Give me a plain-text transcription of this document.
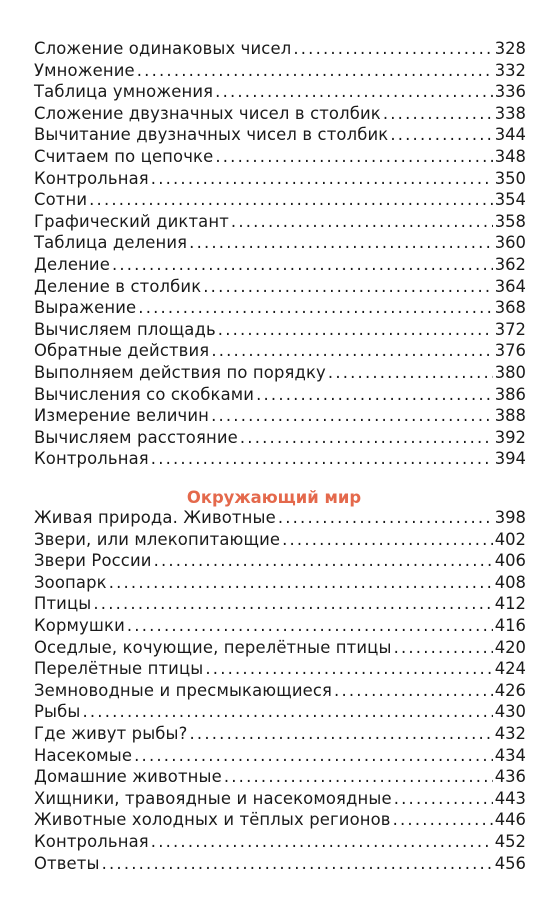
Сложение одинаковых чисел .....	328
Умножение .....	332
Таблица умножения .....	336
Сложение двузначных чисел в столбик .....	338
Вычитание двузначных чисел в столбик .....	344
Считаем по цепочке .....	348
Контрольная .....	350
Сотни .....	354
Графический диктант .....	358
Таблица деления .....	360
Деление .....	362
Деление в столбик .....	364
Выражение .....	368
Вычисляем площадь .....	372
Обратные действия .....	376
Выполняем действия по порядку .....	380
Вычисления со скобками .....	386
Измерение величин .....	388
Вычисляем расстояние .....	392
Контрольная .....	394
Окружающий мир
Живая природа. Животные .....	398
Звери, или млекопитающие .....	402
Звери России .....	406
Зоопарк .....	408
Птицы .....	412
Кормушки .....	416
Оседлые, кочующие, перелётные птицы .....	420
Перелётные птицы .....	424
Земноводные и пресмыкающиеся .....	426
Рыбы .....	430
Где живут рыбы? .....	432
Насекомые .....	434
Домашние животные .....	436
Хищники, травоядные и насекомоядные .....	443
Животные холодных и тёплых регионов .....	446
Контрольная .....	452
Ответы .....	456
